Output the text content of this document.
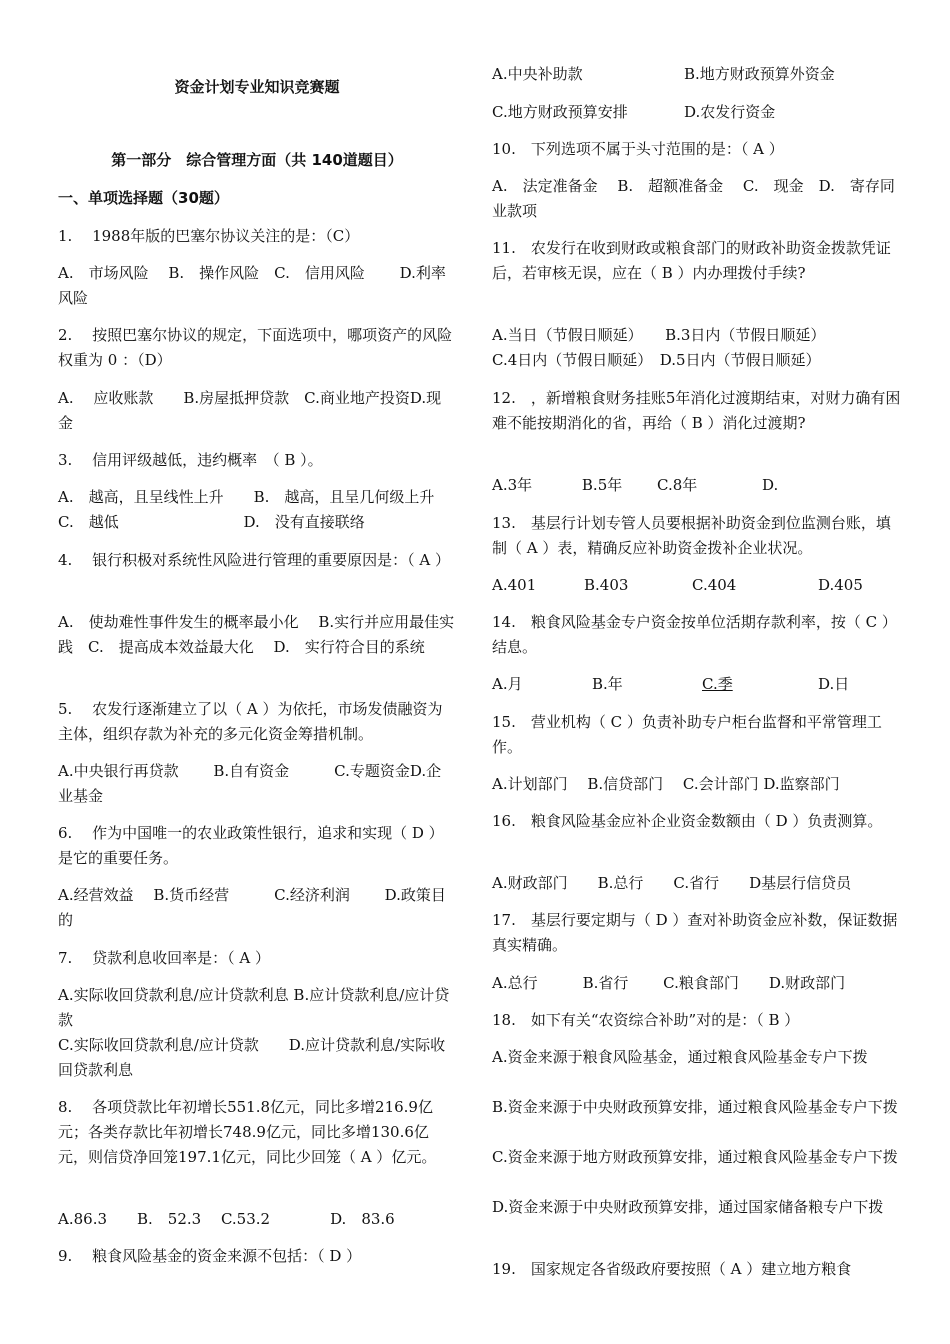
资金计划专业知识竞赛题

第一部分　综合管理方面（共 140道题目）

一、单项选择题（30题）

1.　 1988年版的巴塞尔协议关注的是：（C）

A.　市场风险　 B.　操作风险　C.　信用风险　　 D.利率风险

2.　 按照巴塞尔协议的规定，下面选项中，哪项资产的风险权重为 0 ：（D）

A.　 应收账款　　B.房屋抵押贷款　C.商业地产投资D.现金

3.　 信用评级越低，违约概率　（ B ）。

A.　越高，且呈线性上升　　B.　越高，且呈几何级上升

C.　越低　　　　　　　　 D.　没有直接联络

4.　 银行积极对系统性风险进行管理的重要原因是：（ A ）

A.　使劫难性事件发生的概率最小化　 B.实行并应用最佳实践　C.　提高成本效益最大化　 D.　实行符合目的系统

5.　 农发行逐渐建立了以（ A ）为依托，市场发债融资为主体，组织存款为补充的多元化资金筹措机制。

A.中央银行再贷款　　 B.自有资金　　　C.专题资金D.企业基金

6.　 作为中国唯一的农业政策性银行，追求和实现（ D ）是它的重要任务。

A.经营效益　 B.货币经营　　　C.经济利润　　 D.政策目的

7.　 贷款利息收回率是：（ A ）

A.实际收回贷款利息/应计贷款利息 B.应计贷款利息/应计贷款

C.实际收回贷款利息/应计贷款　　D.应计贷款利息/实际收回贷款利息

8.　 各项贷款比年初增长551.8亿元，同比多增216.9亿元；各类存款比年初增长748.9亿元，同比多增130.6亿元，则信贷净回笼197.1亿元，同比少回笼（ A ）亿元。

A.86.3　　B.　52.3　 C.53.2　　　　D.　83.6

9.　 粮食风险基金的资金来源不包括：（ D ）

A.中央补助款	B.地方财政预算外资金
C.地方财政预算安排	D.农发行资金

10.　下列选项不属于头寸范围的是：（ A ）

A.　法定准备金　 B.　超额准备金　 C.　现金　D.　寄存同业款项

11.　农发行在收到财政或粮食部门的财政补助资金拨款凭证后，若审核无误，应在（ B ）内办理拨付手续?

A.当日（节假日顺延）　　B.3日内（节假日顺延）

C.4日内（节假日顺延）　D.5日内（节假日顺延）

12.　，新增粮食财务挂账5年消化过渡期结束，对财力确有困难不能按期消化的省，再给（ B ）消化过渡期?

A.3年　　　 B.5年　　 C.8年　　　　 D.

13.　基层行计划专管人员要根据补助资金到位监测台账，填制（ A ）表，精确反应补助资金拨补企业状况。

A.401	B.403	C.404	D.405

14.　粮食风险基金专户资金按单位活期存款利率，按（ C ）结息。

A.月	B.年	C.季	D.日

15.　营业机构（ C ）负责补助专户柜台监督和平常管理工作。

A.计划部门　 B.信贷部门　 C.会计部门 D.监察部门

16.　粮食风险基金应补企业资金数额由（ D ）负责测算。

A.财政部门　　B.总行　　C.省行　　D基层行信贷员

17.　基层行要定期与（ D ）查对补助资金应补数，保证数据真实精确。

A.总行　　　B.省行　　 C.粮食部门　　D.财政部门

18.　如下有关“农资综合补助”对的是：（ B ）

A.资金来源于粮食风险基金，通过粮食风险基金专户下拨

B.资金来源于中央财政预算安排，通过粮食风险基金专户下拨

C.资金来源于地方财政预算安排，通过粮食风险基金专户下拨

D.资金来源于中央财政预算安排，通过国家储备粮专户下拨

19.　国家规定各省级政府要按照（ A ）建立地方粮食
